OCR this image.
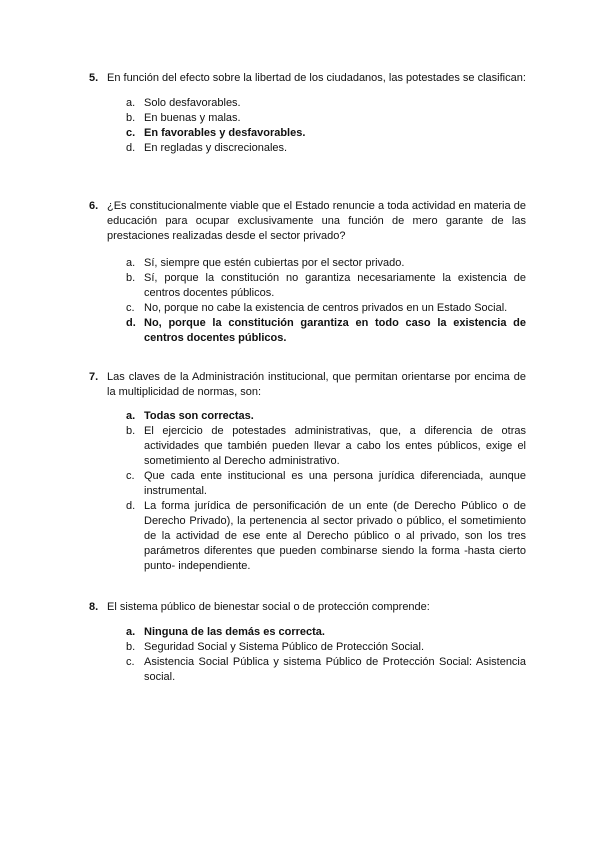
5. En función del efecto sobre la libertad de los ciudadanos, las potestades se clasifican:
a. Solo desfavorables.
b. En buenas y malas.
c. En favorables y desfavorables.
d. En regladas y discrecionales.
6. ¿Es constitucionalmente viable que el Estado renuncie a toda actividad en materia de educación para ocupar exclusivamente una función de mero garante de las prestaciones realizadas desde el sector privado?
a. Sí, siempre que estén cubiertas por el sector privado.
b. Sí, porque la constitución no garantiza necesariamente la existencia de centros docentes públicos.
c. No, porque no cabe la existencia de centros privados en un Estado Social.
d. No, porque la constitución garantiza en todo caso la existencia de centros docentes públicos.
7. Las claves de la Administración institucional, que permitan orientarse por encima de la multiplicidad de normas, son:
a. Todas son correctas.
b. El ejercicio de potestades administrativas, que, a diferencia de otras actividades que también pueden llevar a cabo los entes públicos, exige el sometimiento al Derecho administrativo.
c. Que cada ente institucional es una persona jurídica diferenciada, aunque instrumental.
d. La forma jurídica de personificación de un ente (de Derecho Público o de Derecho Privado), la pertenencia al sector privado o público, el sometimiento de la actividad de ese ente al Derecho público o al privado, son los tres parámetros diferentes que pueden combinarse siendo la forma -hasta cierto punto- independiente.
8. El sistema público de bienestar social o de protección comprende:
a. Ninguna de las demás es correcta.
b. Seguridad Social y Sistema Público de Protección Social.
c. Asistencia Social Pública y sistema Público de Protección Social: Asistencia social.
